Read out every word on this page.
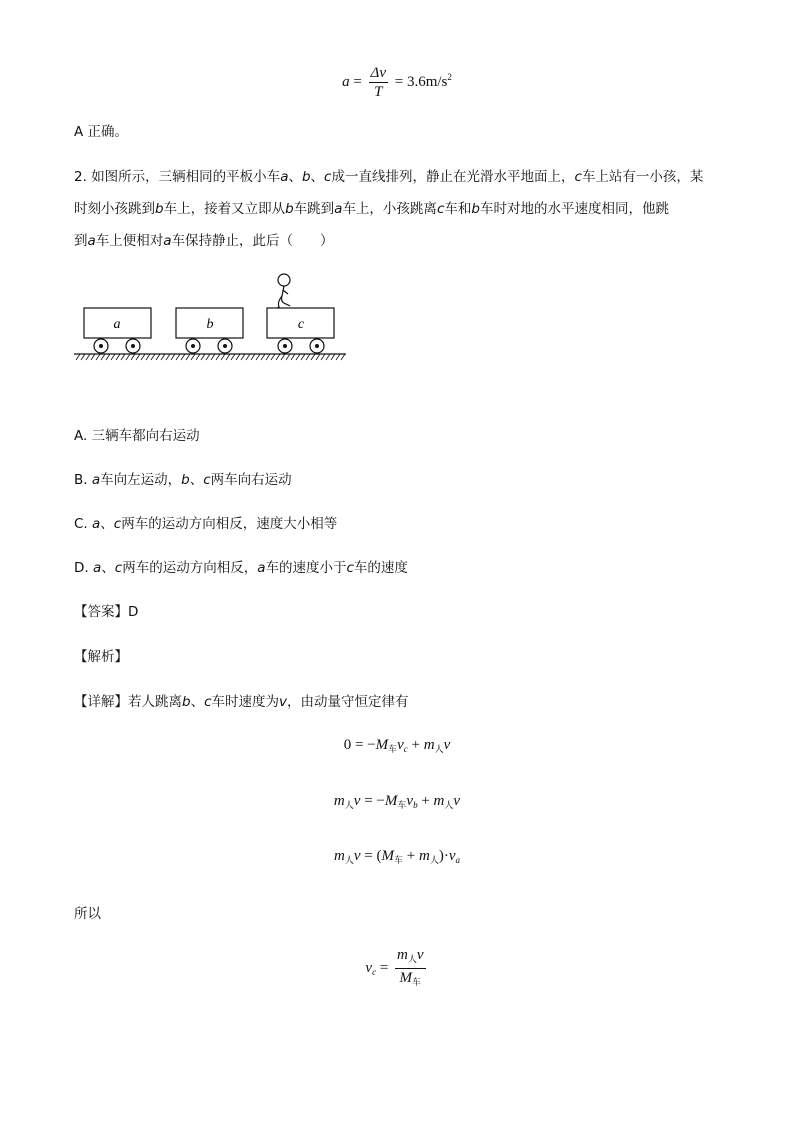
$a = \frac{\Delta v}{T} = 3.6m/s^2$
A 正确。
2. 如图所示，三辆相同的平板小车a、b、c成一直线排列，静止在光滑水平地面上，c车上站有一小孩，某
时刻小孩跳到b车上，接着又立即从b车跳到a车上，小孩跳离c车和b车时对地的水平速度相同，他跳
到a车上便相对a车保持静止，此后（　　）
a	b	c
A. 三辆车都向右运动
B. a车向左运动，b、c两车向右运动
C. a、c两车的运动方向相反，速度大小相等
D. a、c两车的运动方向相反，a车的速度小于c车的速度
【答案】D
【解析】
【详解】若人跳离b、c车时速度为v，由动量守恒定律有
$0 = -M_车v_c + m_人v$
$m_人v = -M_车v_b + m_人v$
$m_人v = (M_车 + m_人)\cdot v_a$
所以
$v_c = \frac{m_人v}{M_车}$
